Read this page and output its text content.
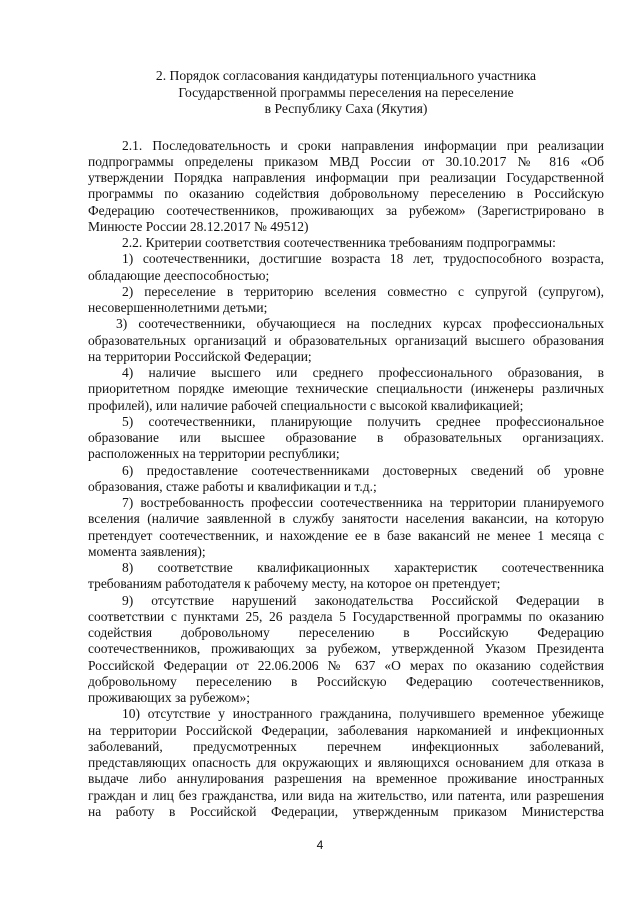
2. Порядок согласования кандидатуры потенциального участника
Государственной программы переселения на переселение
в Республику Саха (Якутия)

2.1. Последовательность и сроки направления информации при реализации

подпрограммы определены приказом МВД России от 30.10.2017 № 816 «Об

утверждении Порядка направления информации при реализации Государственной

программы по оказанию содействия добровольному переселению в Российскую

Федерацию соотечественников, проживающих за рубежом» (Зарегистрировано в

Минюсте России 28.12.2017 № 49512)

2.2. Критерии соответствия соотечественника требованиям подпрограммы:

1) соотечественники, достигшие возраста 18 лет, трудоспособного возраста,

обладающие дееспособностью;

2) переселение в территорию вселения совместно с супругой (супругом),

несовершеннолетними детьми;

3) соотечественники, обучающиеся на последних курсах профессиональных

образовательных организаций и образовательных организаций высшего образования

на территории Российской Федерации;

4) наличие высшего или среднего профессионального образования, в

приоритетном порядке имеющие технические специальности (инженеры различных

профилей), или наличие рабочей специальности с высокой квалификацией;

5) соотечественники, планирующие получить среднее профессиональное

образование или высшее образование в образовательных организациях.

расположенных на территории республики;

6) предоставление соотечественниками достоверных сведений об уровне

образования, стаже работы и квалификации и т.д.;

7) востребованность профессии соотечественника на территории планируемого

вселения (наличие заявленной в службу занятости населения вакансии, на которую

претендует соотечественник, и нахождение ее в базе вакансий не менее 1 месяца с

момента заявления);

8) соответствие квалификационных характеристик соотечественника

требованиям работодателя к рабочему месту, на которое он претендует;

9) отсутствие нарушений законодательства Российской Федерации в

соответствии с пунктами 25, 26 раздела 5 Государственной программы по оказанию

содействия добровольному переселению в Российскую Федерацию

соотечественников, проживающих за рубежом, утвержденной Указом Президента

Российской Федерации от 22.06.2006 № 637 «О мерах по оказанию содействия

добровольному переселению в Российскую Федерацию соотечественников,

проживающих за рубежом»;

10) отсутствие у иностранного гражданина, получившего временное убежище

на территории Российской Федерации, заболевания наркоманией и инфекционных

заболеваний, предусмотренных перечнем инфекционных заболеваний,

представляющих опасность для окружающих и являющихся основанием для отказа в

выдаче либо аннулирования разрешения на временное проживание иностранных

граждан и лиц без гражданства, или вида на жительство, или патента, или разрешения

на работу в Российской Федерации, утвержденным приказом Министерства

4
